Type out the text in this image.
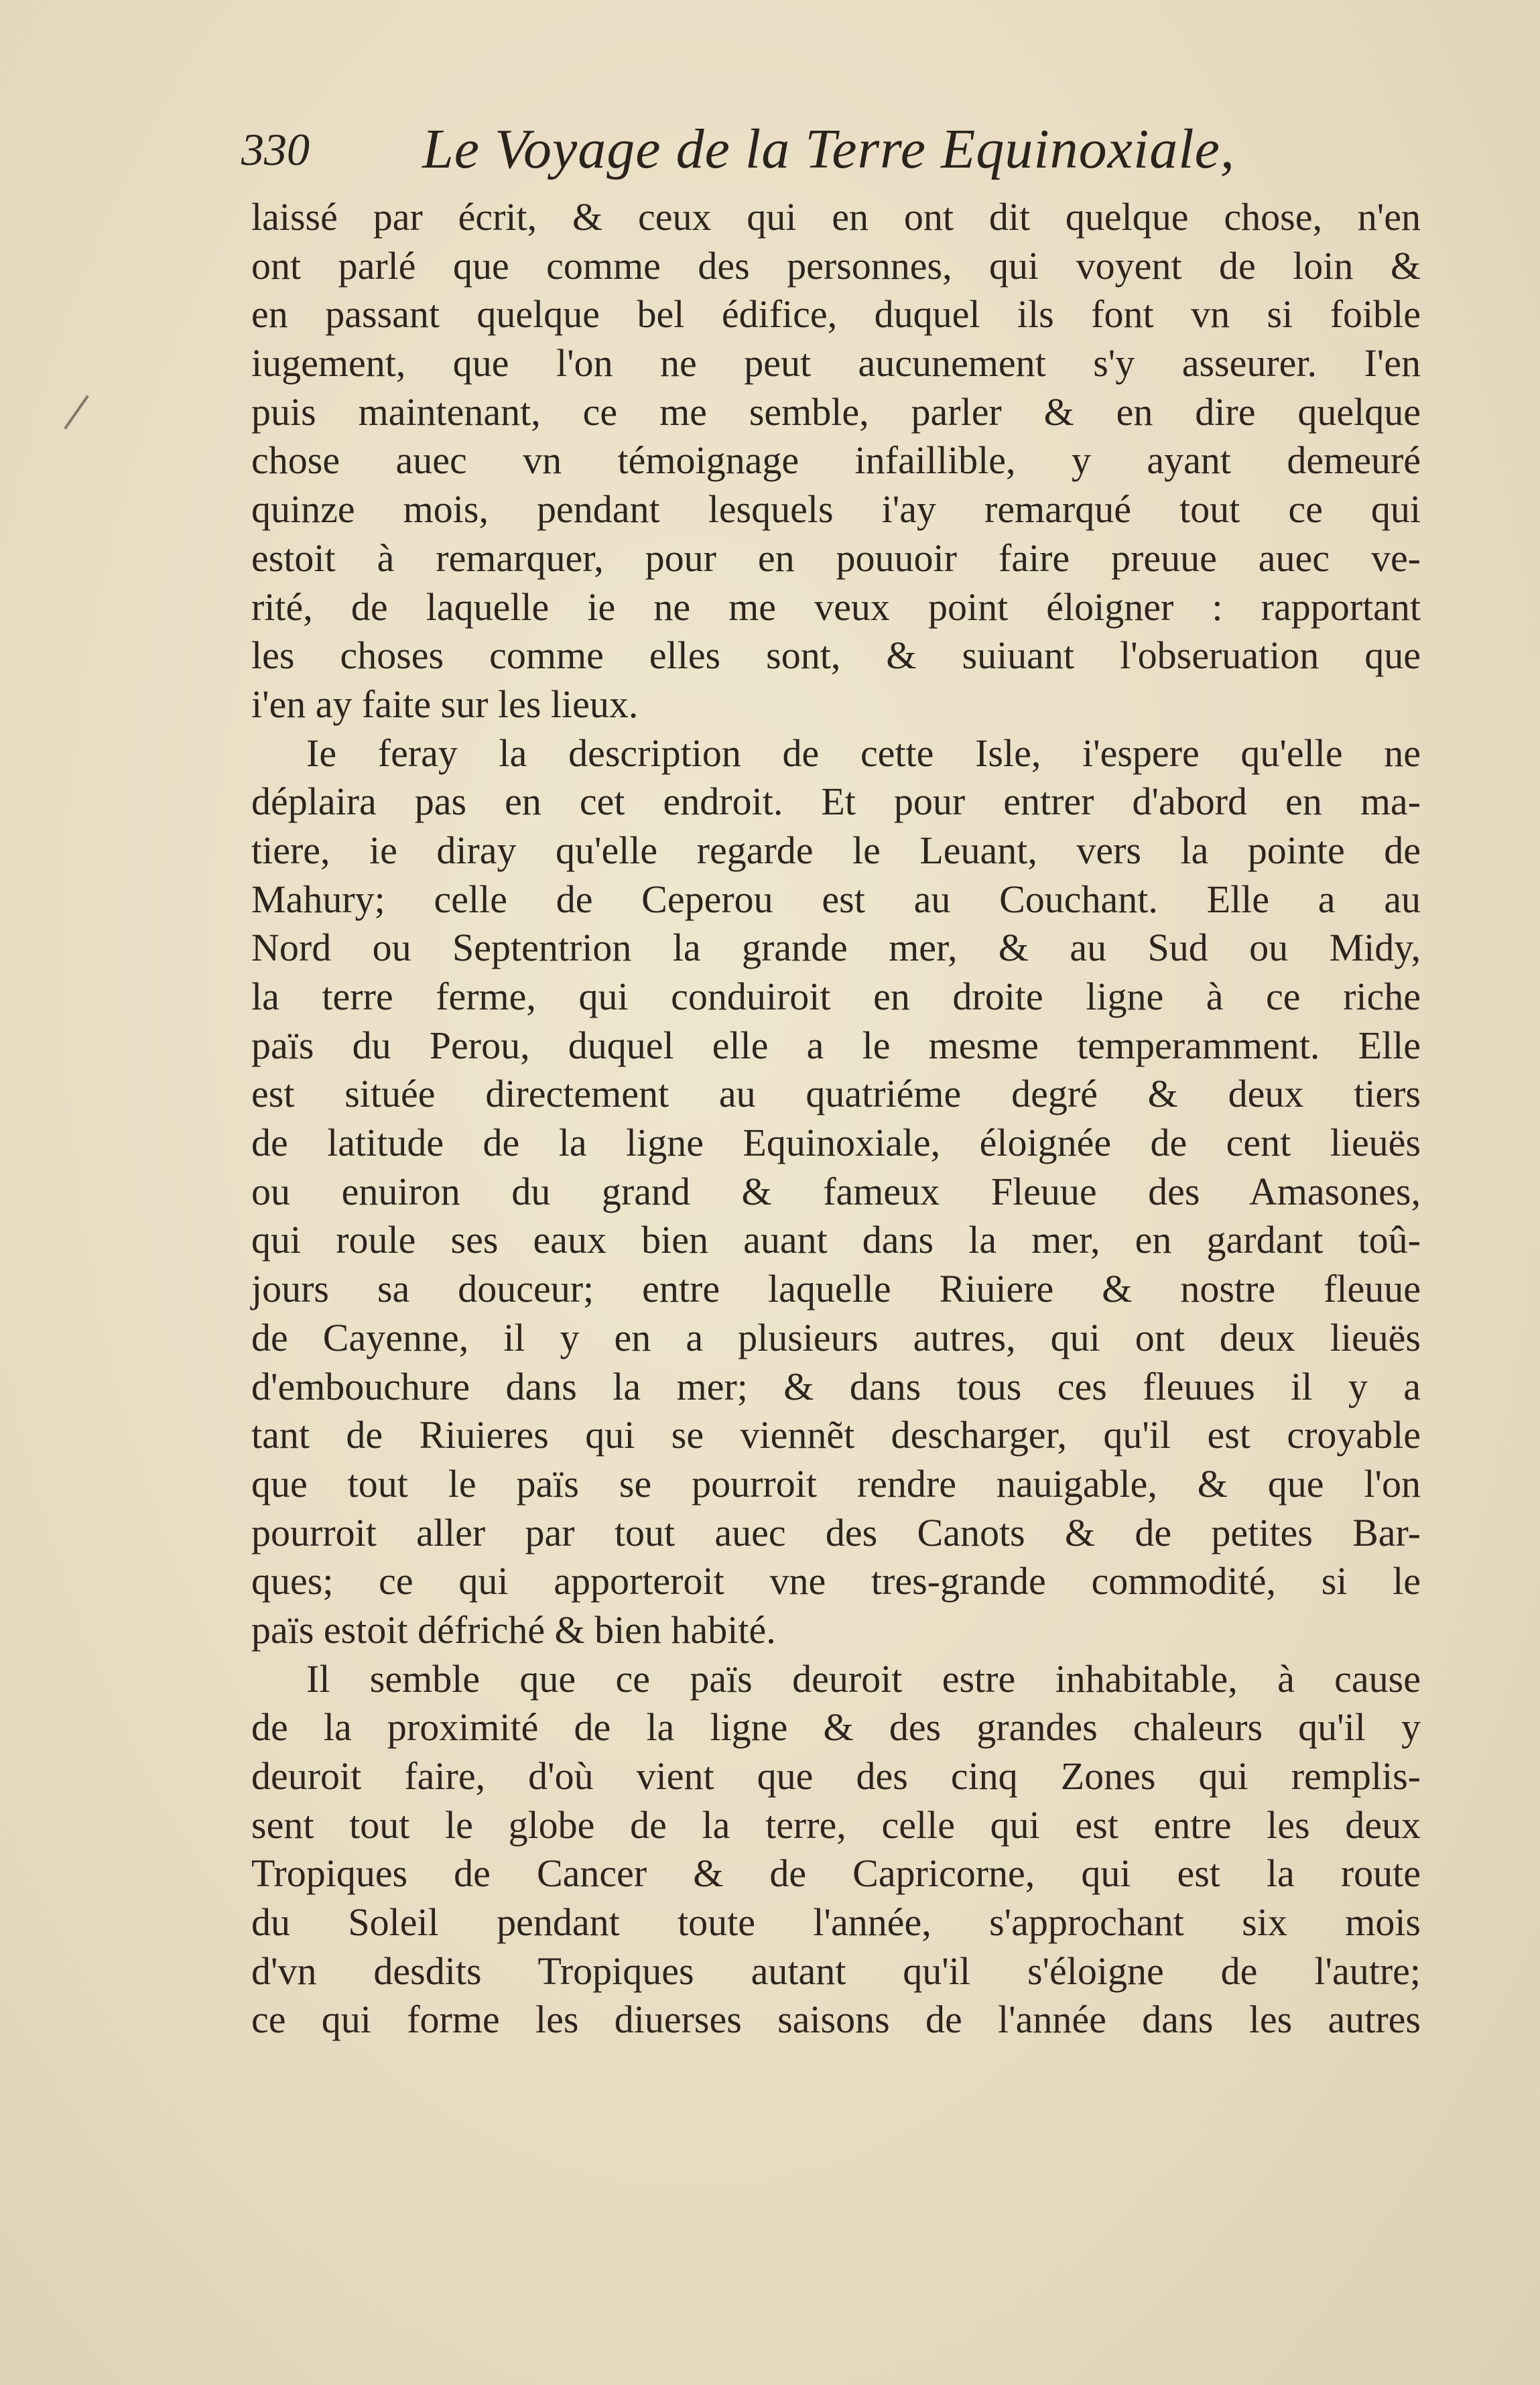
330 Le Voyage de la Terre Equinoxiale,
laissé par écrit, & ceux qui en ont dit quelque chose, n'en
ont parlé que comme des personnes, qui voyent de loin &
en passant quelque bel édifice, duquel ils font vn si foible
iugement, que l'on ne peut aucunement s'y asseurer. I'en
puis maintenant, ce me semble, parler & en dire quelque
chose auec vn témoignage infaillible, y ayant demeuré
quinze mois, pendant lesquels i'ay remarqué tout ce qui
estoit à remarquer, pour en pouuoir faire preuue auec ve-
rité, de laquelle ie ne me veux point éloigner : rapportant
les choses comme elles sont, & suiuant l'obseruation que
i'en ay faite sur les lieux.
Ie feray la description de cette Isle, i'espere qu'elle ne
déplaira pas en cet endroit. Et pour entrer d'abord en ma-
tiere, ie diray qu'elle regarde le Leuant, vers la pointe de
Mahury; celle de Ceperou est au Couchant. Elle a au
Nord ou Septentrion la grande mer, & au Sud ou Midy,
la terre ferme, qui conduiroit en droite ligne à ce riche
païs du Perou, duquel elle a le mesme temperamment. Elle
est située directement au quatriéme degré & deux tiers
de latitude de la ligne Equinoxiale, éloignée de cent lieuës
ou enuiron du grand & fameux Fleuue des Amasones,
qui roule ses eaux bien auant dans la mer, en gardant toû-
jours sa douceur; entre laquelle Riuiere & nostre fleuue
de Cayenne, il y en a plusieurs autres, qui ont deux lieuës
d'embouchure dans la mer; & dans tous ces fleuues il y a
tant de Riuieres qui se viennẽt descharger, qu'il est croyable
que tout le païs se pourroit rendre nauigable, & que l'on
pourroit aller par tout auec des Canots & de petites Bar-
ques; ce qui apporteroit vne tres-grande commodité, si le
païs estoit défriché & bien habité.
Il semble que ce païs deuroit estre inhabitable, à cause
de la proximité de la ligne & des grandes chaleurs qu'il y
deuroit faire, d'où vient que des cinq Zones qui remplis-
sent tout le globe de la terre, celle qui est entre les deux
Tropiques de Cancer & de Capricorne, qui est la route
du Soleil pendant toute l'année, s'approchant six mois
d'vn desdits Tropiques autant qu'il s'éloigne de l'autre;
ce qui forme les diuerses saisons de l'année dans les autres
